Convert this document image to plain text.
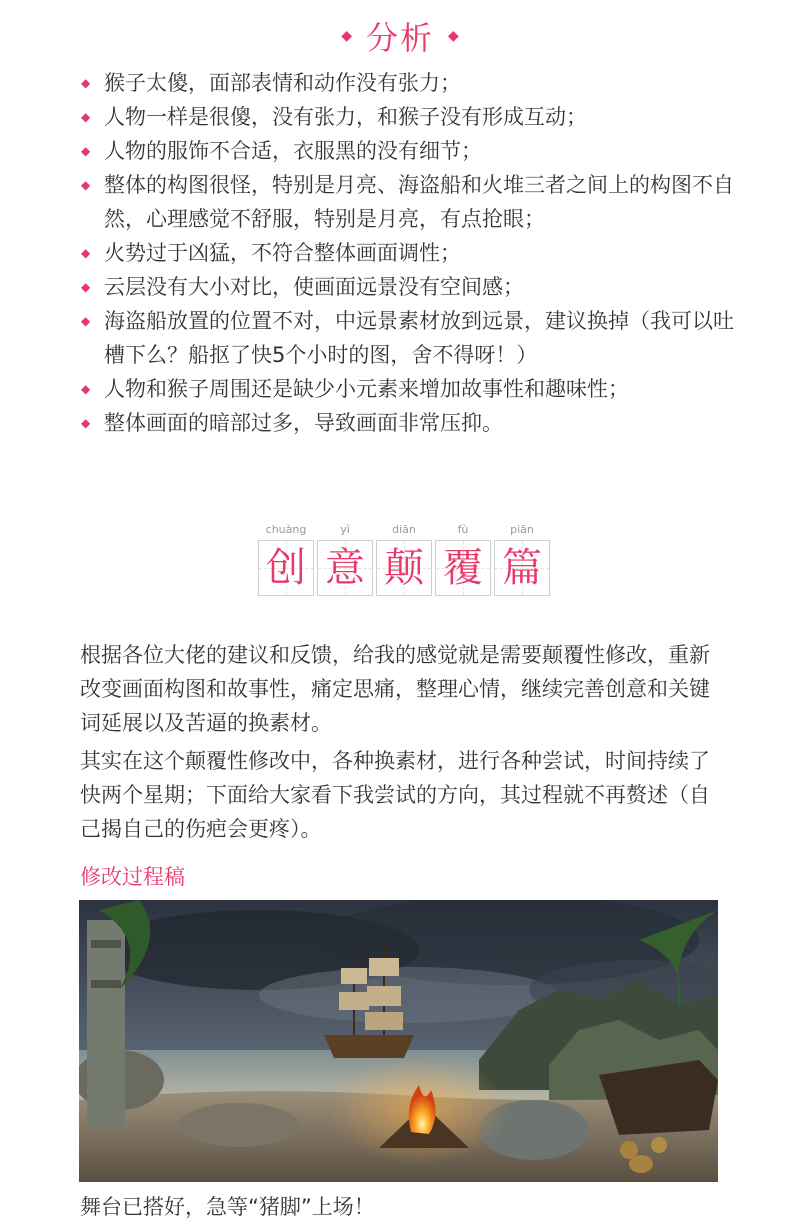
◆ 分析 ◆
◆ 猴子太傻，面部表情和动作没有张力；
◆ 人物一样是很傻，没有张力，和猴子没有形成互动；
◆ 人物的服饰不合适，衣服黑的没有细节；
◆ 整体的构图很怪，特别是月亮、海盗船和火堆三者之间上的构图不自然，心理感觉不舒服，特别是月亮，有点抢眼；
◆ 火势过于凶猛，不符合整体画面调性；
◆ 云层没有大小对比，使画面远景没有空间感；
◆ 海盗船放置的位置不对，中远景素材放到远景，建议换掉（我可以吐槽下么？船抠了快5个小时的图，舍不得呀！）
◆ 人物和猴子周围还是缺少小元素来增加故事性和趣味性；
◆ 整体画面的暗部过多，导致画面非常压抑。
chuàng
创
yì
意
diān
颠
fù
覆
piān
篇

根据各位大佬的建议和反馈，给我的感觉就是需要颠覆性修改，重新改变画面构图和故事性，痛定思痛，整理心情，继续完善创意和关键词延展以及苦逼的换素材。

其实在这个颠覆性修改中，各种换素材，进行各种尝试，时间持续了快两个星期；下面给大家看下我尝试的方向，其过程就不再赘述（自己揭自己的伤疤会更疼）。

修改过程稿
舞台已搭好，急等“猪脚”上场！
